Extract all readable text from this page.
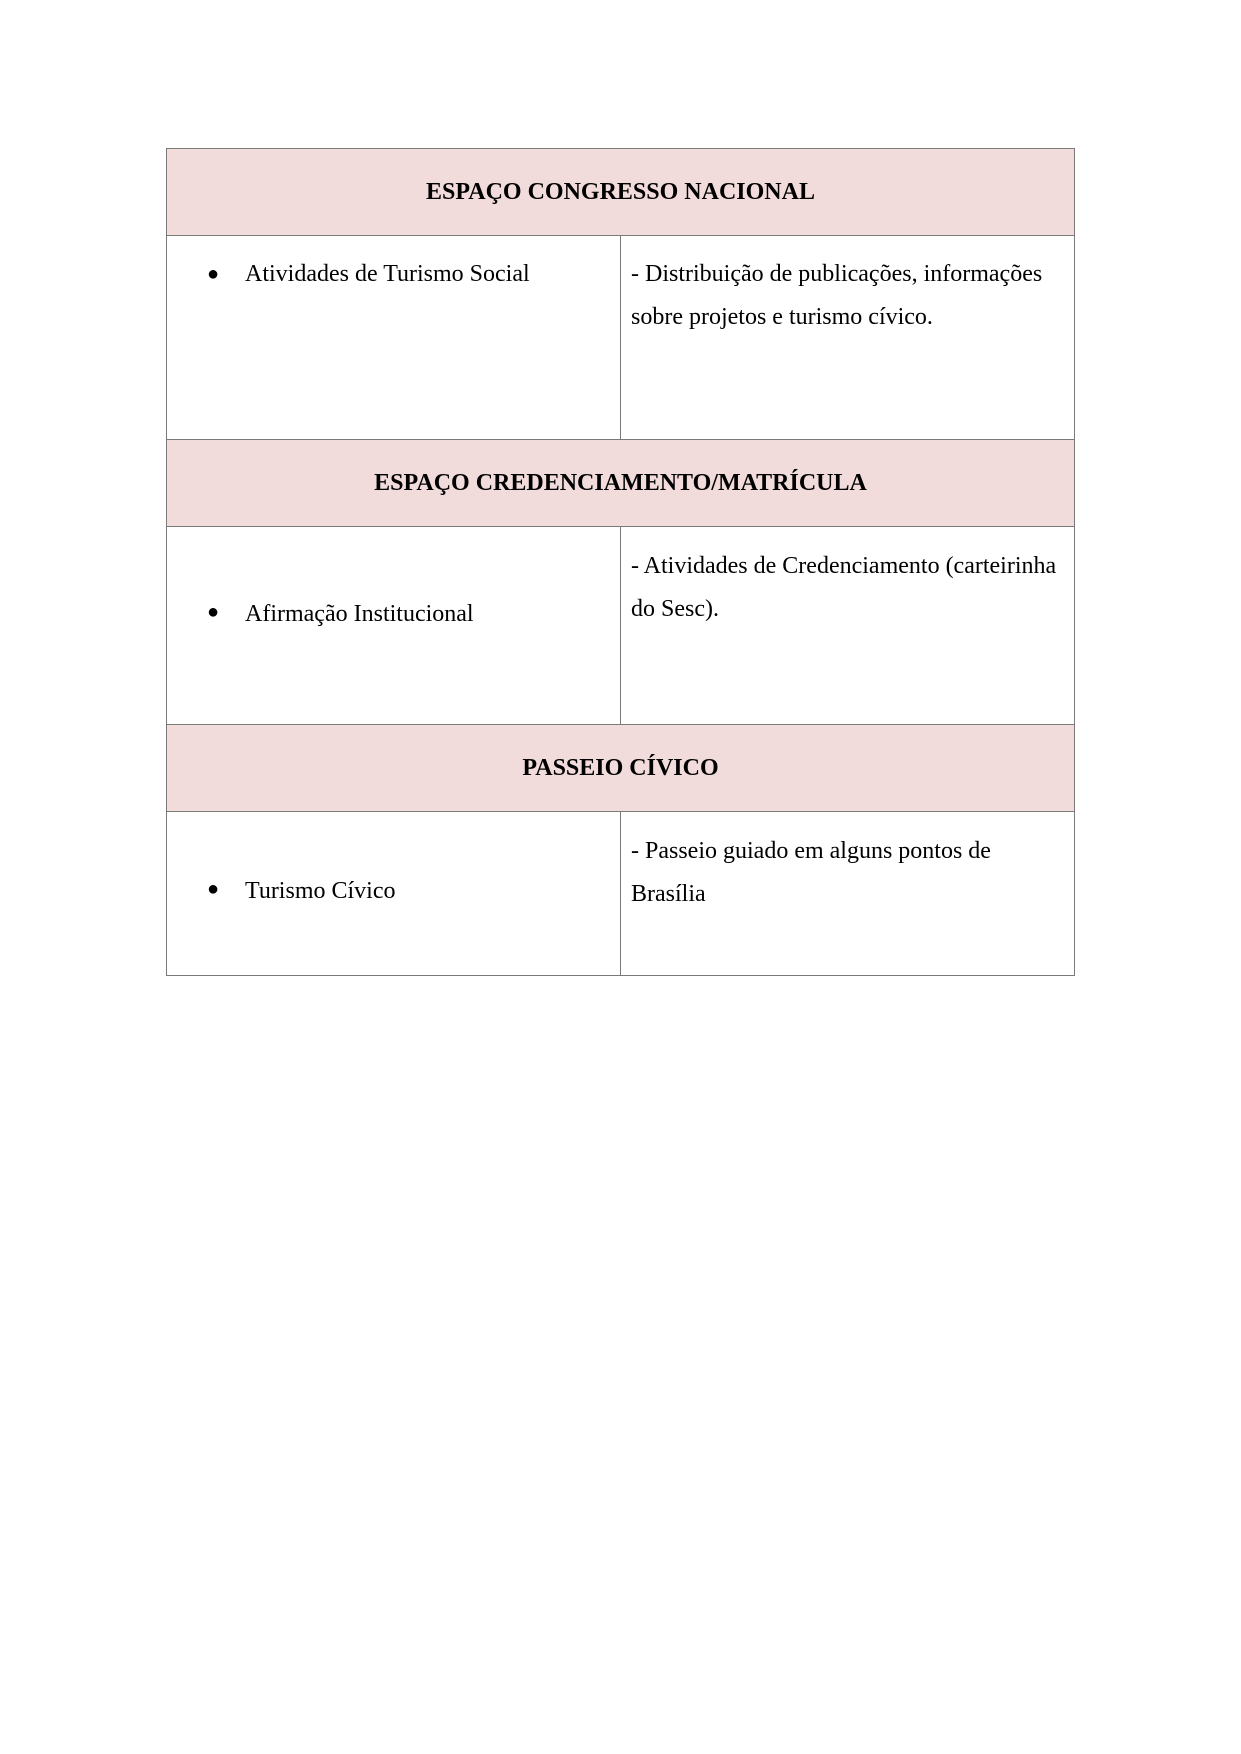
ESPAÇO CONGRESSO NACIONAL	

● Atividades de Turismo Social	- Distribuição de publicações, informações sobre projetos e turismo cívico.
ESPAÇO CREDENCIAMENTO/MATRÍCULA	

● Afirmação Institucional	- Atividades de Credenciamento (carteirinha do Sesc).
PASSEIO CÍVICO	

● Turismo Cívico	- Passeio guiado em alguns pontos de Brasília
